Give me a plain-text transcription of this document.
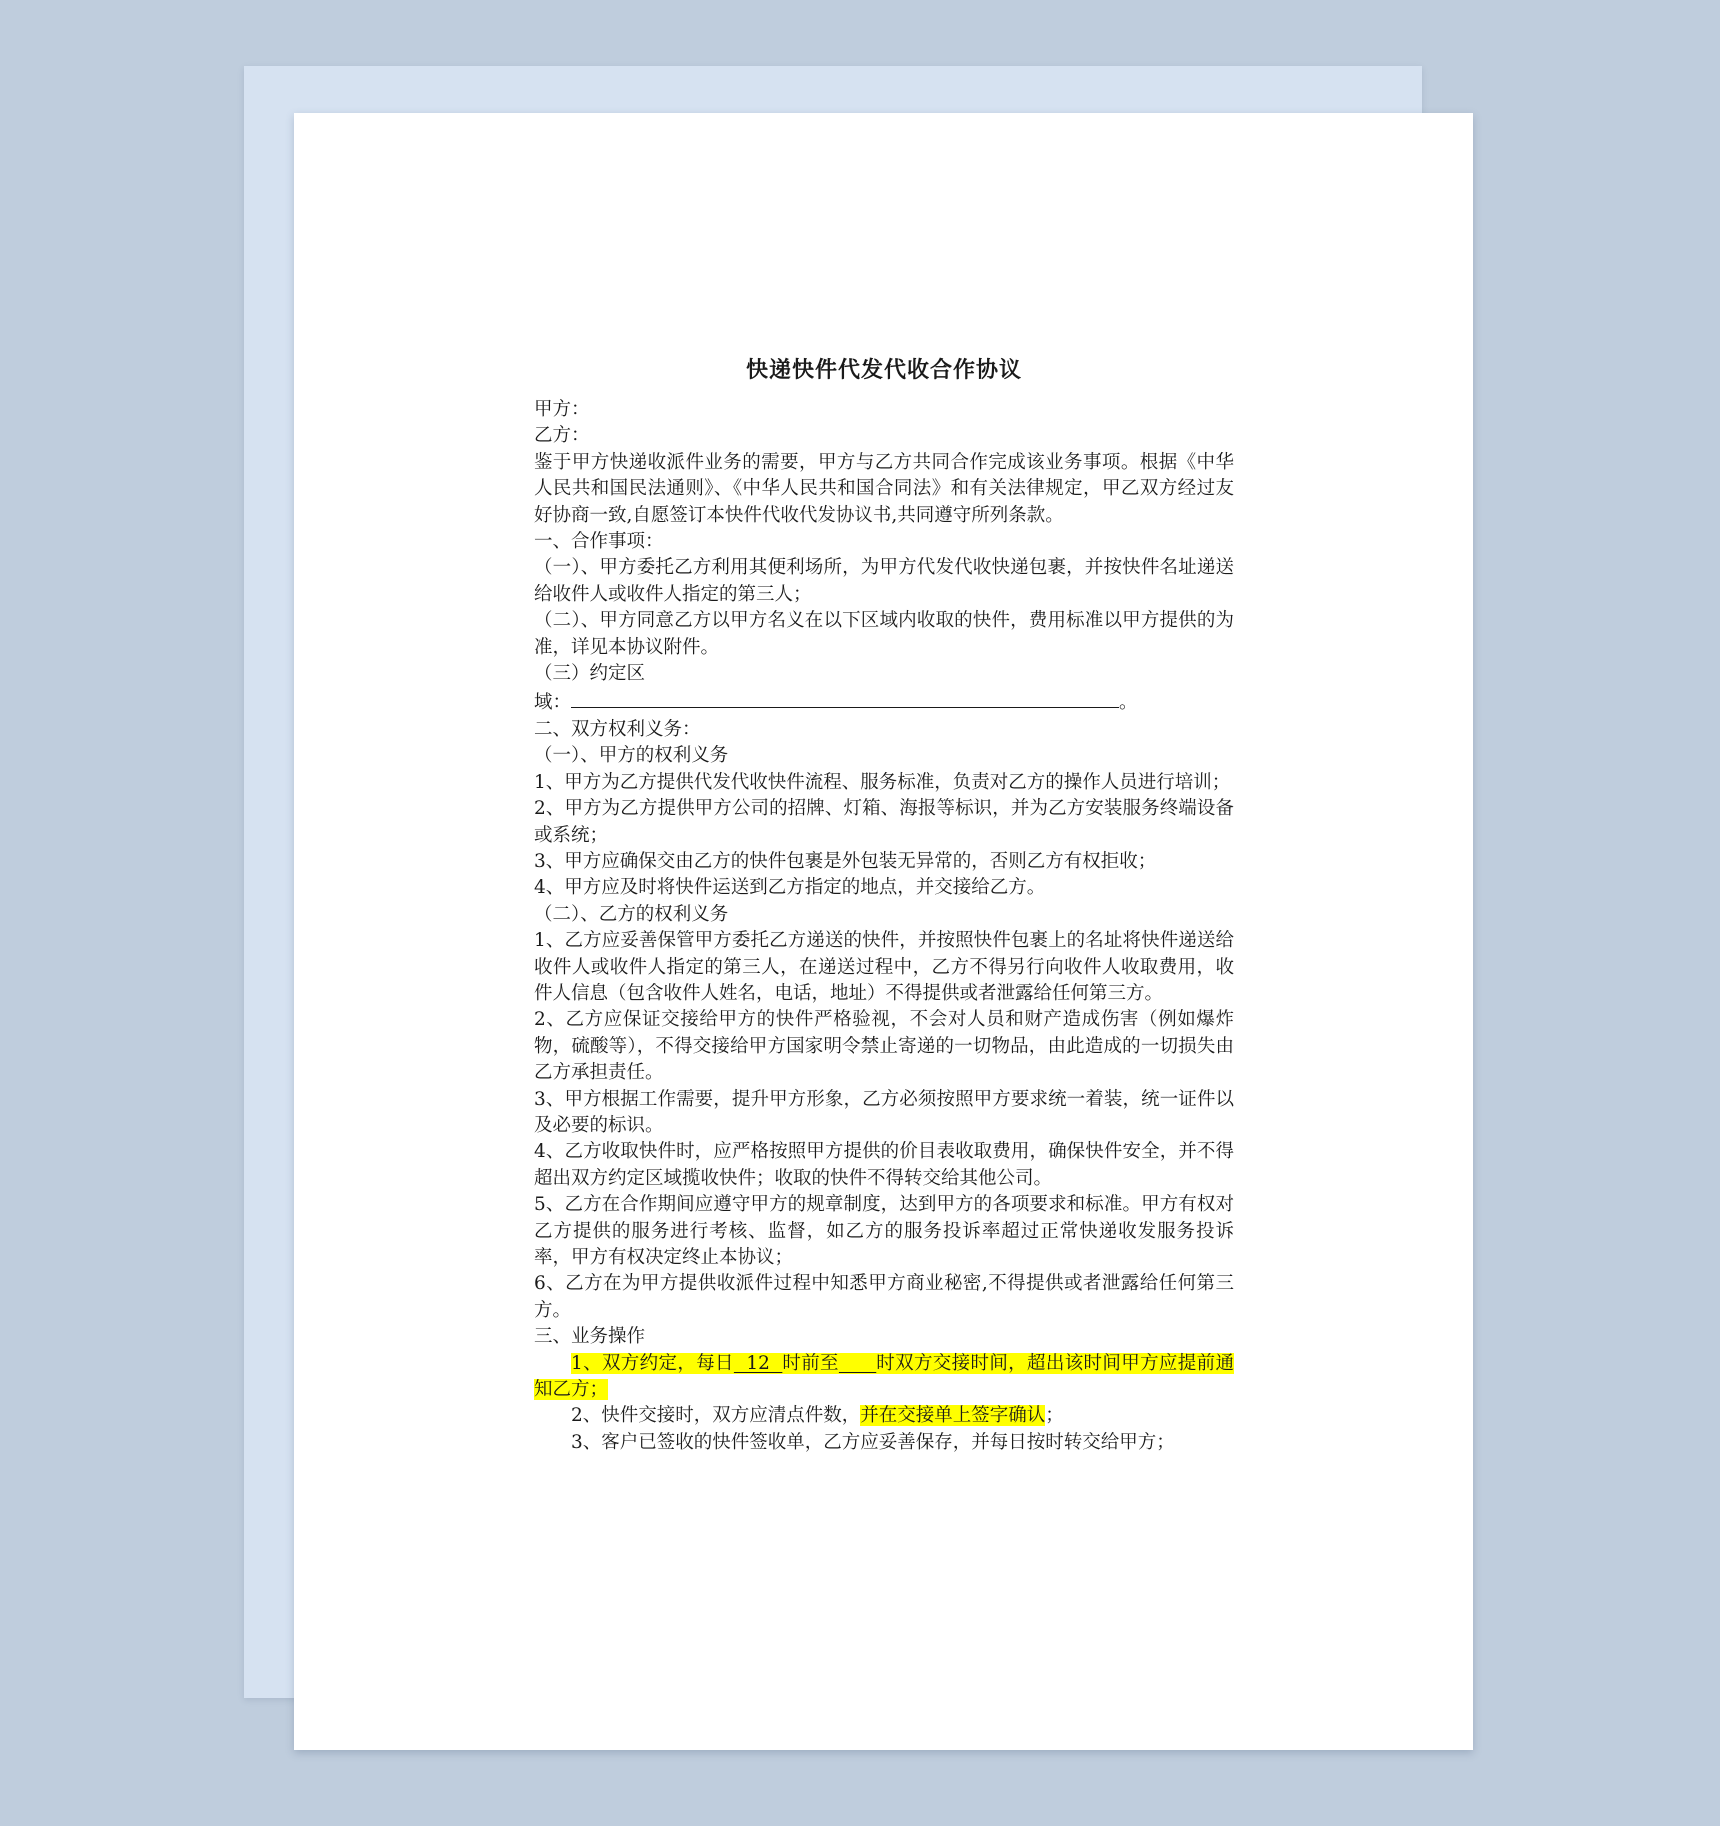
快递快件代发代收合作协议

甲方：

乙方：

鉴于甲方快递收派件业务的需要，甲方与乙方共同合作完成该业务事项。根据《中华人民共和国民法通则》、《中华人民共和国合同法》和有关法律规定，甲乙双方经过友好协商一致,自愿签订本快件代收代发协议书,共同遵守所列条款。

一、合作事项：

（一）、甲方委托乙方利用其便利场所，为甲方代发代收快递包裹，并按快件名址递送给收件人或收件人指定的第三人；

（二）、甲方同意乙方以甲方名义在以下区域内收取的快件，费用标准以甲方提供的为准，详见本协议附件。

（三）约定区

域：	。

二、双方权利义务：

（一）、甲方的权利义务

1、甲方为乙方提供代发代收快件流程、服务标准，负责对乙方的操作人员进行培训；

2、甲方为乙方提供甲方公司的招牌、灯箱、海报等标识，并为乙方安装服务终端设备或系统；

3、甲方应确保交由乙方的快件包裹是外包装无异常的，否则乙方有权拒收；

4、甲方应及时将快件运送到乙方指定的地点，并交接给乙方。

（二）、乙方的权利义务

1、乙方应妥善保管甲方委托乙方递送的快件，并按照快件包裹上的名址将快件递送给收件人或收件人指定的第三人，在递送过程中，乙方不得另行向收件人收取费用，收件人信息（包含收件人姓名，电话，地址）不得提供或者泄露给任何第三方。

2、乙方应保证交接给甲方的快件严格验视，不会对人员和财产造成伤害（例如爆炸物，硫酸等），不得交接给甲方国家明令禁止寄递的一切物品，由此造成的一切损失由乙方承担责任。

3、甲方根据工作需要，提升甲方形象，乙方必须按照甲方要求统一着装，统一证件以及必要的标识。

4、乙方收取快件时，应严格按照甲方提供的价目表收取费用，确保快件安全，并不得超出双方约定区域揽收快件；收取的快件不得转交给其他公司。

5、乙方在合作期间应遵守甲方的规章制度，达到甲方的各项要求和标准。甲方有权对乙方提供的服务进行考核、监督，如乙方的服务投诉率超过正常快递收发服务投诉率，甲方有权决定终止本协议；

6、乙方在为甲方提供收派件过程中知悉甲方商业秘密,不得提供或者泄露给任何第三方。

三、业务操作

1、双方约定，每日  12  时前至 时双方交接时间，超出该时间甲方应提前通知乙方；

2、快件交接时，双方应清点件数，并在交接单上签字确认；

3、客户已签收的快件签收单，乙方应妥善保存，并每日按时转交给甲方；
